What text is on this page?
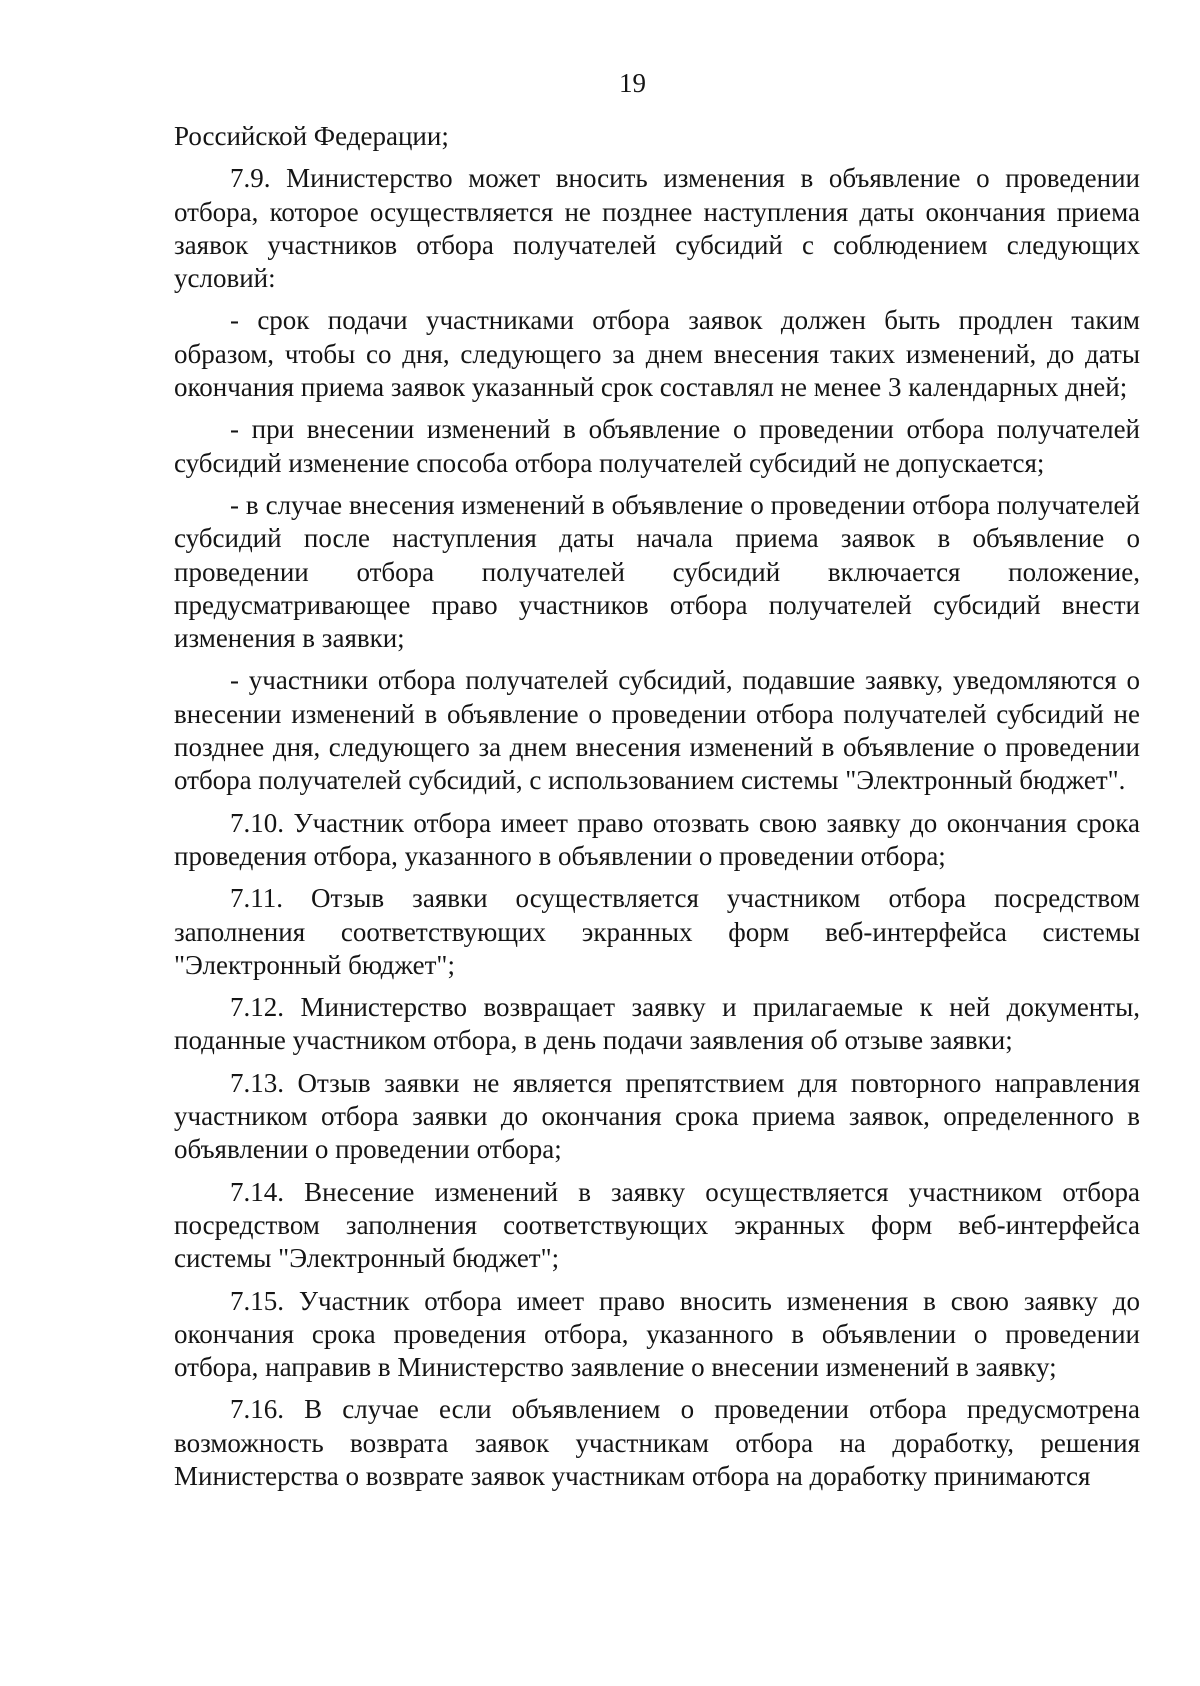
19

Российской Федерации;

7.9. Министерство может вносить изменения в объявление о проведении отбора, которое осуществляется не позднее наступления даты окончания приема заявок участников отбора получателей субсидий с соблюдением следующих условий:

- срок подачи участниками отбора заявок должен быть продлен таким образом, чтобы со дня, следующего за днем внесения таких изменений, до даты окончания приема заявок указанный срок составлял не менее 3 календарных дней;

- при внесении изменений в объявление о проведении отбора получателей субсидий изменение способа отбора получателей субсидий не допускается;

- в случае внесения изменений в объявление о проведении отбора получателей субсидий после наступления даты начала приема заявок в объявление о проведении отбора получателей субсидий включается положение, предусматривающее право участников отбора получателей субсидий внести изменения в заявки;

- участники отбора получателей субсидий, подавшие заявку, уведомляются о внесении изменений в объявление о проведении отбора получателей субсидий не позднее дня, следующего за днем внесения изменений в объявление о проведении отбора получателей субсидий, с использованием системы "Электронный бюджет".

7.10. Участник отбора имеет право отозвать свою заявку до окончания срока проведения отбора, указанного в объявлении о проведении отбора;

7.11. Отзыв заявки осуществляется участником отбора посредством заполнения соответствующих экранных форм веб-интерфейса системы "Электронный бюджет";

7.12. Министерство возвращает заявку и прилагаемые к ней документы, поданные участником отбора, в день подачи заявления об отзыве заявки;

7.13. Отзыв заявки не является препятствием для повторного направления участником отбора заявки до окончания срока приема заявок, определенного в объявлении о проведении отбора;

7.14. Внесение изменений в заявку осуществляется участником отбора посредством заполнения соответствующих экранных форм веб-интерфейса системы "Электронный бюджет";

7.15. Участник отбора имеет право вносить изменения в свою заявку до окончания срока проведения отбора, указанного в объявлении о проведении отбора, направив в Министерство заявление о внесении изменений в заявку;

7.16. В случае если объявлением о проведении отбора предусмотрена возможность возврата заявок участникам отбора на доработку, решения Министерства о возврате заявок участникам отбора на доработку принимаются
